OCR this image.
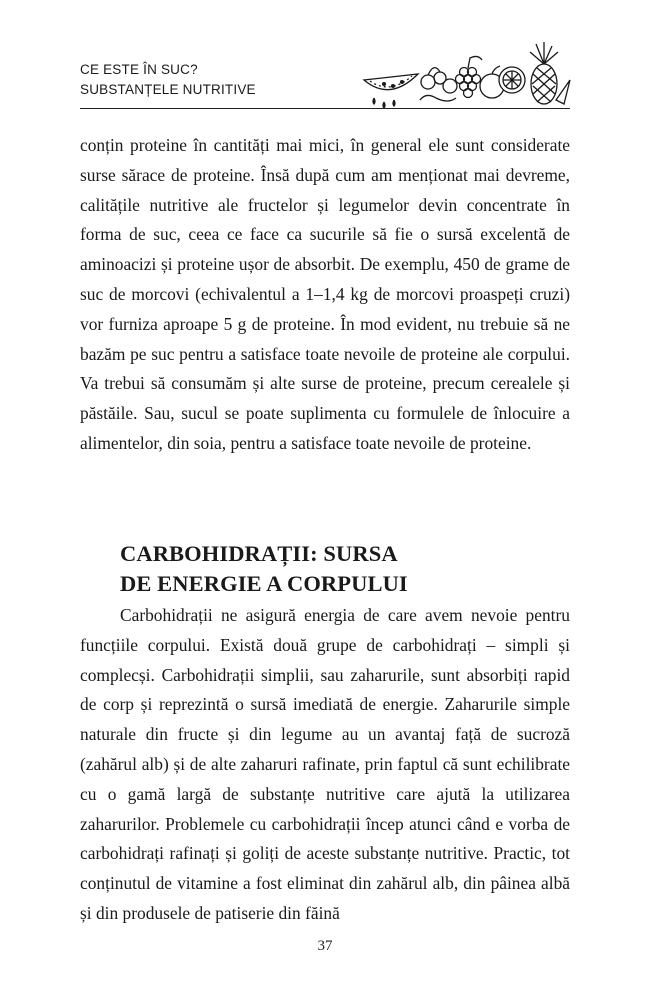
CE ESTE ÎN SUC?
SUBSTANȚELE NUTRITIVE

conțin proteine în cantități mai mici, în general ele sunt considerate surse sărace de proteine. Însă după cum am menționat mai devreme, calitățile nutritive ale fructelor și legumelor devin concentrate în forma de suc, ceea ce face ca sucurile să fie o sursă excelentă de aminoacizi și proteine ușor de absorbit. De exemplu, 450 de grame de suc de morcovi (echivalentul a 1–1,4 kg de morcovi proaspeți cruzi) vor furniza aproape 5 g de proteine. În mod evident, nu trebuie să ne bazăm pe suc pentru a satisface toate nevoile de proteine ale corpului. Va trebui să consumăm și alte surse de proteine, precum cerealele și păstăile. Sau, sucul se poate suplimenta cu formulele de înlocuire a alimentelor, din soia, pentru a satisface toate nevoile de proteine.

CARBOHIDRAȚII: SURSA
DE ENERGIE A CORPULUI

Carbohidrații ne asigură energia de care avem nevoie pentru funcțiile corpului. Există două grupe de carbohidrați – simpli și complecși. Carbohidrații simplii, sau zaharurile, sunt absorbiți rapid de corp și reprezintă o sursă imediată de energie. Zaharurile simple naturale din fructe și din legume au un avantaj față de sucroză (zahărul alb) și de alte zaharuri rafinate, prin faptul că sunt echilibrate cu o gamă largă de substanțe nutritive care ajută la utilizarea zaharurilor. Problemele cu carbohidrații încep atunci când e vorba de carbohidrați rafinați și goliți de aceste substanțe nutritive. Practic, tot conținutul de vitamine a fost eliminat din zahărul alb, din pâinea albă și din produsele de patiserie din făină

37
